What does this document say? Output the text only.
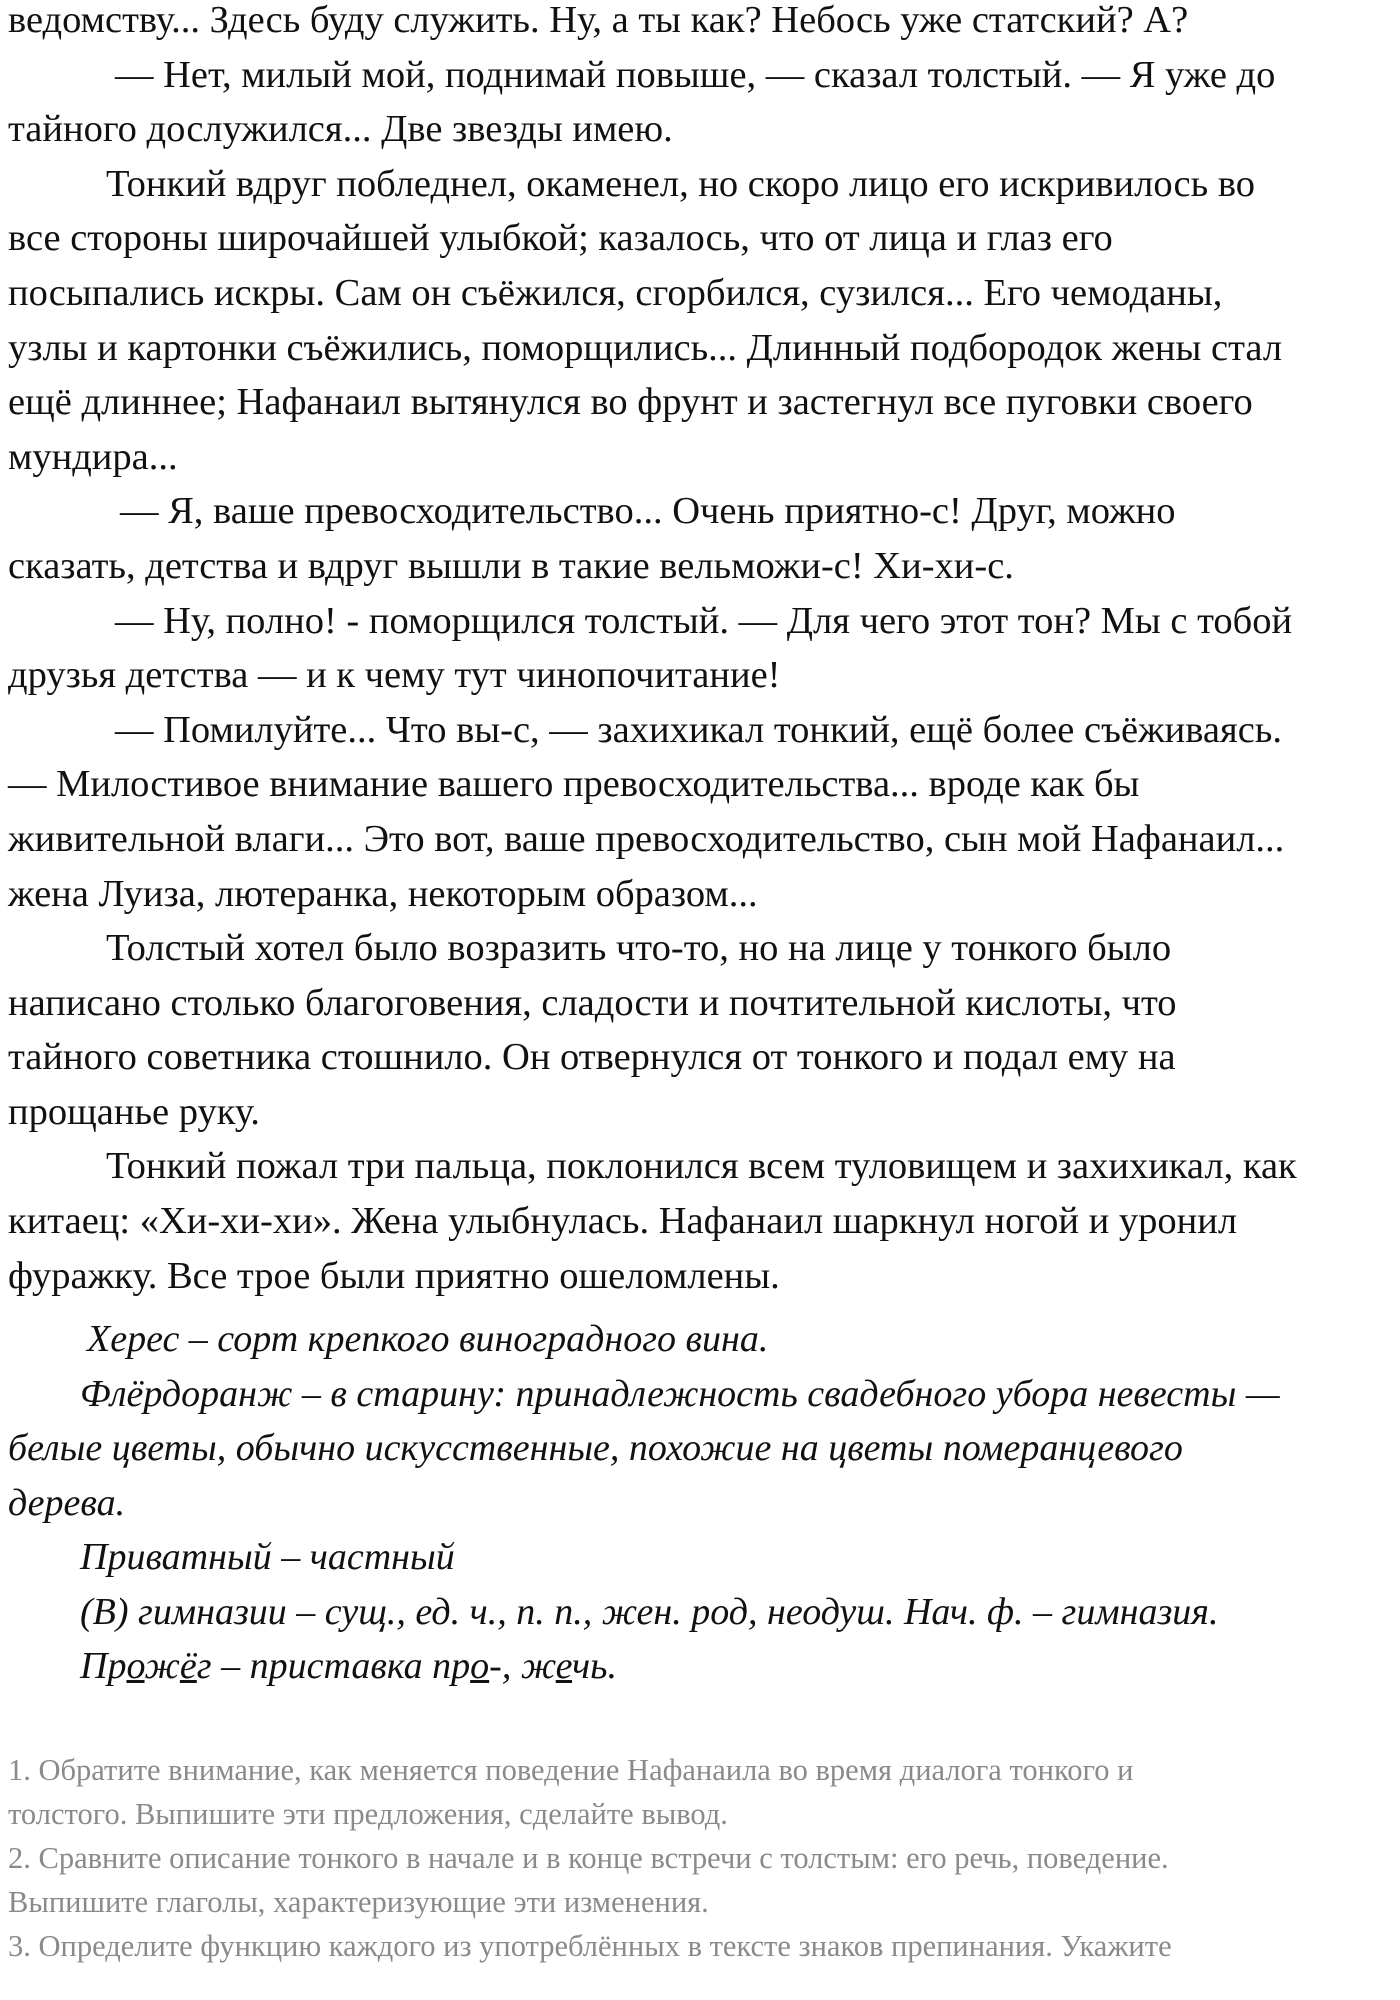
ведомству... Здесь буду служить. Ну, а ты как? Небось уже статский? А?

— Нет, милый мой, поднимай повыше, — сказал толстый. — Я уже до

тайного дослужился... Две звезды имею.

Тонкий вдруг побледнел, окаменел, но скоро лицо его искривилось во

все стороны широчайшей улыбкой; казалось, что от лица и глаз его

посыпались искры. Сам он съёжился, сгорбился, сузился... Его чемоданы,

узлы и картонки съёжились, поморщились... Длинный подбородок жены стал

ещё длиннее; Нафанаил вытянулся во фрунт и застегнул все пуговки своего

мундира...

— Я, ваше превосходительство... Очень приятно-с! Друг, можно

сказать, детства и вдруг вышли в такие вельможи-с! Хи-хи-с.

— Ну, полно! - поморщился толстый. — Для чего этот тон? Мы с тобой

друзья детства — и к чему тут чинопочитание!

— Помилуйте... Что вы-с, — захихикал тонкий, ещё более съёживаясь.

— Милостивое внимание вашего превосходительства... вроде как бы

живительной влаги... Это вот, ваше превосходительство, сын мой Нафанаил...

жена Луиза, лютеранка, некоторым образом...

Толстый хотел было возразить что-то, но на лице у тонкого было

написано столько благоговения, сладости и почтительной кислоты, что

тайного советника стошнило. Он отвернулся от тонкого и подал ему на

прощанье руку.

Тонкий пожал три пальца, поклонился всем туловищем и захихикал, как

китаец: «Хи-хи-хи». Жена улыбнулась. Нафанаил шаркнул ногой и уронил

фуражку. Все трое были приятно ошеломлены.

Херес – сорт крепкого виноградного вина.

Флёрдоранж – в старину: принадлежность свадебного убора невесты —

белые цветы, обычно искусственные, похожие на цветы померанцевого

дерева.

Приватный – частный

(В) гимназии – сущ., ед. ч., п. п., жен. род, неодуш. Нач. ф. – гимназия.

Прожёг – приставка про-, жечь.

1. Обратите внимание, как меняется поведение Нафанаила во время диалога тонкого и

толстого. Выпишите эти предложения, сделайте вывод.

2. Сравните описание тонкого в начале и в конце встречи с толстым: его речь, поведение.

Выпишите глаголы, характеризующие эти изменения.

3. Определите функцию каждого из употреблённых в тексте знаков препинания. Укажите
